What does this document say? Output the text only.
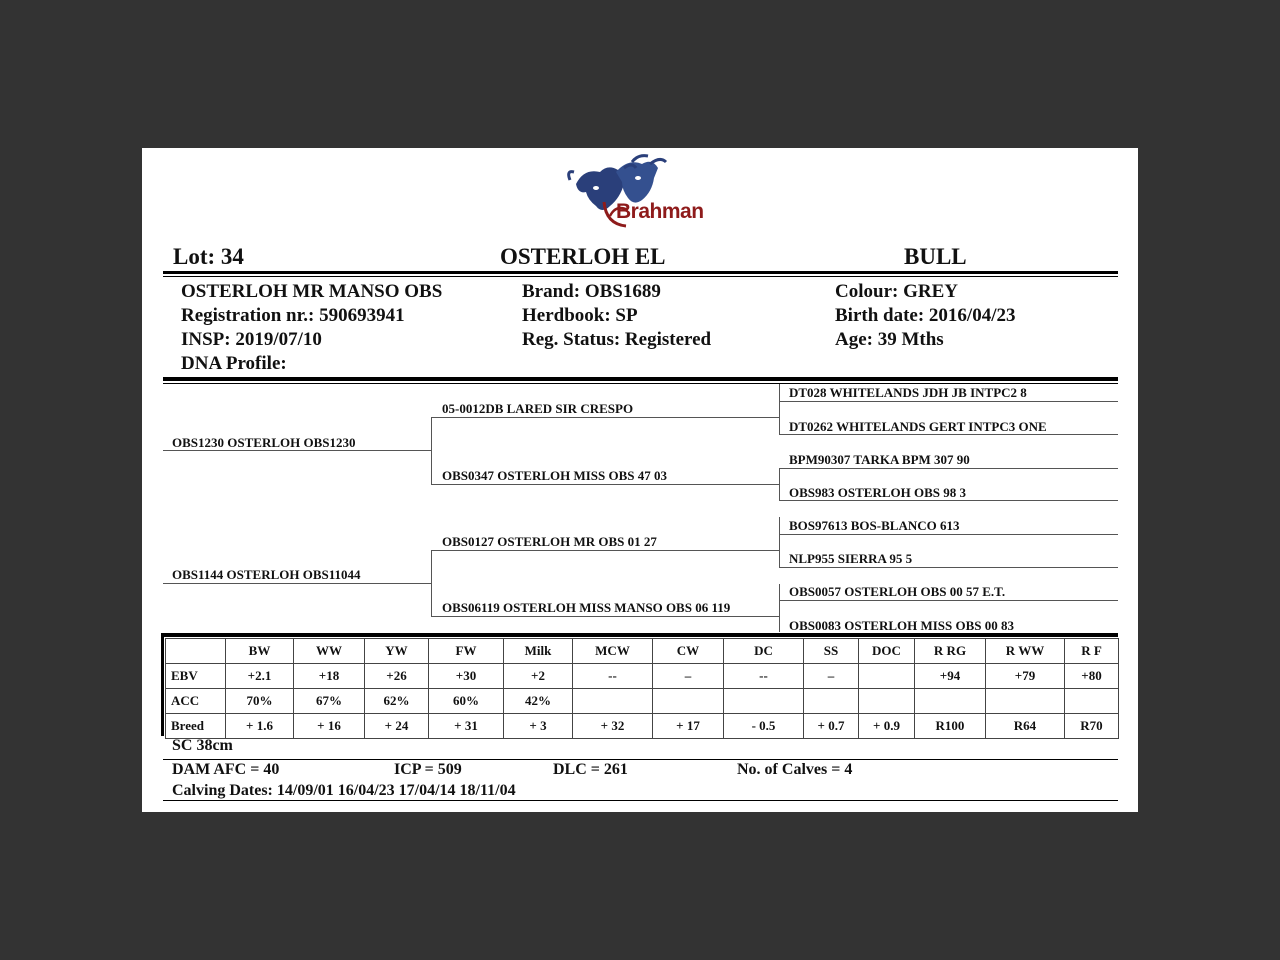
Brahman
Lot: 34	OSTERLOH EL	BULL
OSTERLOH MR MANSO OBS
Registration nr.: 590693941
INSP: 2019/07/10
DNA Profile:
Brand: OBS1689
Herdbook: SP
Reg. Status: Registered
Colour: GREY
Birth date: 2016/04/23
Age: 39 Mths
OBS1230 OSTERLOH OBS1230
OBS1144 OSTERLOH OBS11044
05-0012DB LARED SIR CRESPO
OBS0347 OSTERLOH MISS OBS 47 03
OBS0127 OSTERLOH MR OBS 01 27
OBS06119 OSTERLOH MISS MANSO OBS 06 119
DT028 WHITELANDS JDH JB INTPC2 8
DT0262 WHITELANDS GERT INTPC3 ONE
BPM90307 TARKA BPM 307 90
OBS983 OSTERLOH OBS 98 3
BOS97613 BOS-BLANCO 613
NLP955 SIERRA 95 5
OBS0057 OSTERLOH OBS 00 57 E.T.
OBS0083 OSTERLOH MISS OBS 00 83
	BW	WW	YW	FW	Milk	MCW	CW	DC	SS	DOC	R RG	R WW	R F
EBV	+2.1	+18	+26	+30	+2	--	–	--	–		+94	+79	+80
ACC	70%	67%	62%	60%	42%								
Breed	+ 1.6	+ 16	+ 24	+ 31	+ 3	+ 32	+ 17	- 0.5	+ 0.7	+ 0.9	R100	R64	R70
SC 38cm
DAM AFC = 40	ICP = 509	DLC = 261	No. of Calves = 4
Calving Dates: 14/09/01 16/04/23 17/04/14 18/11/04
